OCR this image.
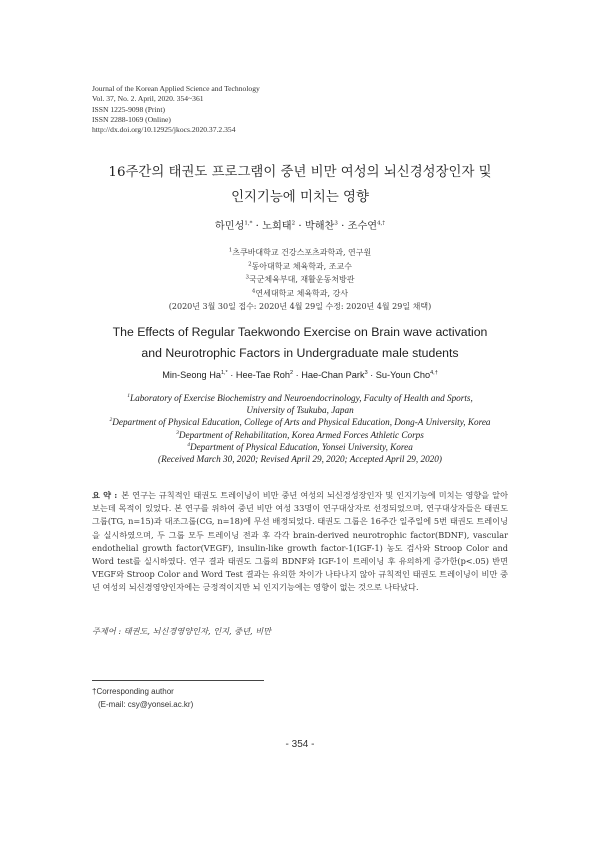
Journal of the Korean Applied Science and Technology
Vol. 37, No. 2. April, 2020. 354~361
ISSN 1225-9098 (Print)
ISSN 2288-1069 (Online)
http://dx.doi.org/10.12925/jkocs.2020.37.2.354
16주간의 태권도 프로그램이 중년 비만 여성의 뇌신경성장인자 및
인지기능에 미치는 영향
하민성$^{1,*}$ · 노희태$^2$ · 박해찬$^3$ · 조수연$^{4,\dagger}$
$^1$츠쿠바대학교 건강스포츠과학과, 연구원
$^2$동아대학교 체육학과, 조교수
$^3$국군체육부대, 재활운동처방관
$^4$연세대학교 체육학과, 강사
(2020년 3월 30일 접수: 2020년 4월 29일 수정: 2020년 4월 29일 채택)
The Effects of Regular Taekwondo Exercise on Brain wave activation
and Neurotrophic Factors in Undergraduate male students
Min-Seong $Ha^{1,*} \cdot Hee-Tae$ Roh$^2$ · Hae-Chan Park$^3$ · Su-Youn Cho$^{4,\dagger}$
$^1$Laboratory of Exercise Biochemistry and Neuroendocrinology, Faculty of Health and Sports,
University of Tsukuba, Japan
$^2$Department of Physical Education, College of Arts and Physical Education, Dong-A University, Korea
$^3$Department of Rehabilitation, Korea Armed Forces Athletic Corps
$^4$Department of Physical Education, Yonsei University, Korea
(Received March 30, 2020; Revised April 29, 2020; Accepted April 29, 2020)
요 약 : 본 연구는 규칙적인 태권도 트레이닝이 비만 중년 여성의 뇌신경성장인자 및 인지기능에 미치는 영향을 알아보는데 목적이 있었다. 본 연구를 위하여 중년 비만 여성 33명이 연구대상자로 선정되었으며, 연구대상자들은 태권도 그룹(TG, n=15)과 대조그룹(CG, n=18)에 무선 배정되었다. 태권도 그룹은 16주간 일주일에 5번 태권도 트레이닝을 실시하였으며, 두 그룹 모두 트레이닝 전과 후 각각 brain-derived neurotrophic factor(BDNF), vascular endothelial growth factor(VEGF), insulin-like growth factor-1(IGF-1) 농도 검사와 Stroop Color and Word test를 실시하였다. 연구 결과 태권도 그룹의 BDNF와 IGF-1이 트레이닝 후 유의하게 증가한(p<.05) 반면 VEGF와 Stroop Color and Word Test 결과는 유의한 차이가 나타나지 않아 규칙적인 태권도 트레이닝이 비만 중년 여성의 뇌신경영양인자에는 긍정적이지만 뇌 인지기능에는 영향이 없는 것으로 나타났다.
주제어 : 태권도, 뇌신경영양인자, 인지, 중년, 비만
†Corresponding author
(E-mail: csy@yonsei.ac.kr)
- 354 -
